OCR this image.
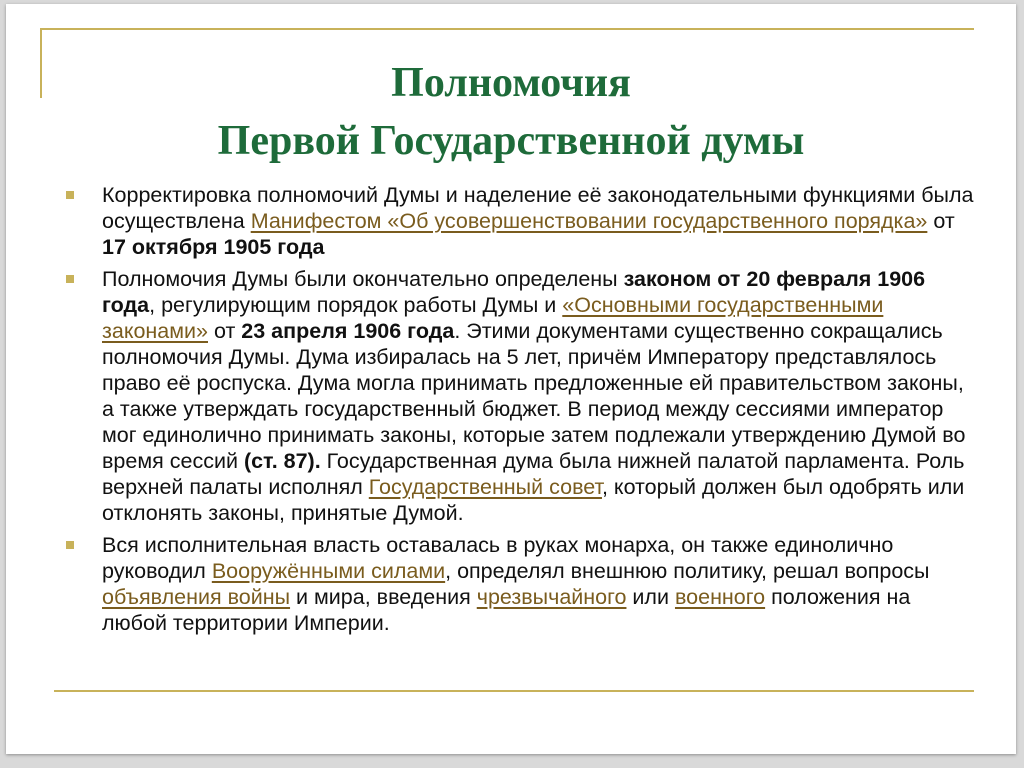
Полномочия
Первой Государственной думы
Корректировка полномочий Думы и наделение её законодательными функциями была осуществлена Манифестом «Об усовершенствовании государственного порядка» от 17 октября 1905 года
Полномочия Думы были окончательно определены законом от 20 февраля 1906 года, регулирующим порядок работы Думы и «Основными государственными законами» от 23 апреля 1906 года. Этими документами существенно сокращались полномочия Думы. Дума избиралась на 5 лет, причём Императору представлялось право её роспуска. Дума могла принимать предложенные ей правительством законы, а также утверждать государственный бюджет. В период между сессиями император мог единолично принимать законы, которые затем подлежали утверждению Думой во время сессий (ст. 87). Государственная дума была нижней палатой парламента. Роль верхней палаты исполнял Государственный совет, который должен был одобрять или отклонять законы, принятые Думой.
Вся исполнительная власть оставалась в руках монарха, он также единолично руководил Вооружёнными силами, определял внешнюю политику, решал вопросы объявления войны и мира, введения чрезвычайного или военного положения на любой территории Империи.
